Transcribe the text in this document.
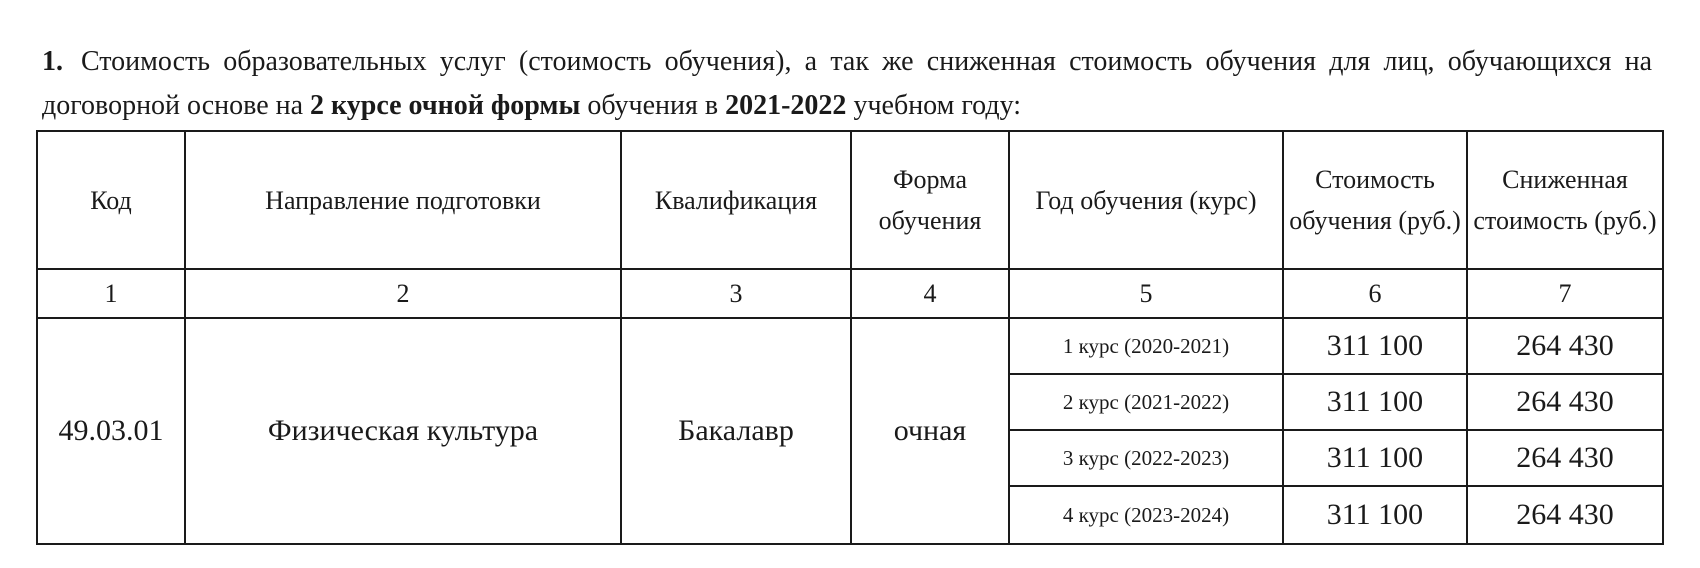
1. Стоимость образовательных услуг (стоимость обучения), а так же сниженная стоимость обучения для лиц, обучающихся на договорной основе на 2 курсе очной формы обучения в 2021-2022 учебном году:
Код	Направление подготовки	Квалификация	Форма обучения	Год обучения (курс)	Стоимость обучения (руб.)	Сниженная стоимость (руб.)
1	2	3	4	5	6	7
49.03.01	Физическая культура	Бакалавр	очная	1 курс (2020-2021)	311 100	264 430
				2 курс (2021-2022)	311 100	264 430
				3 курс (2022-2023)	311 100	264 430
				4 курс (2023-2024)	311 100	264 430
